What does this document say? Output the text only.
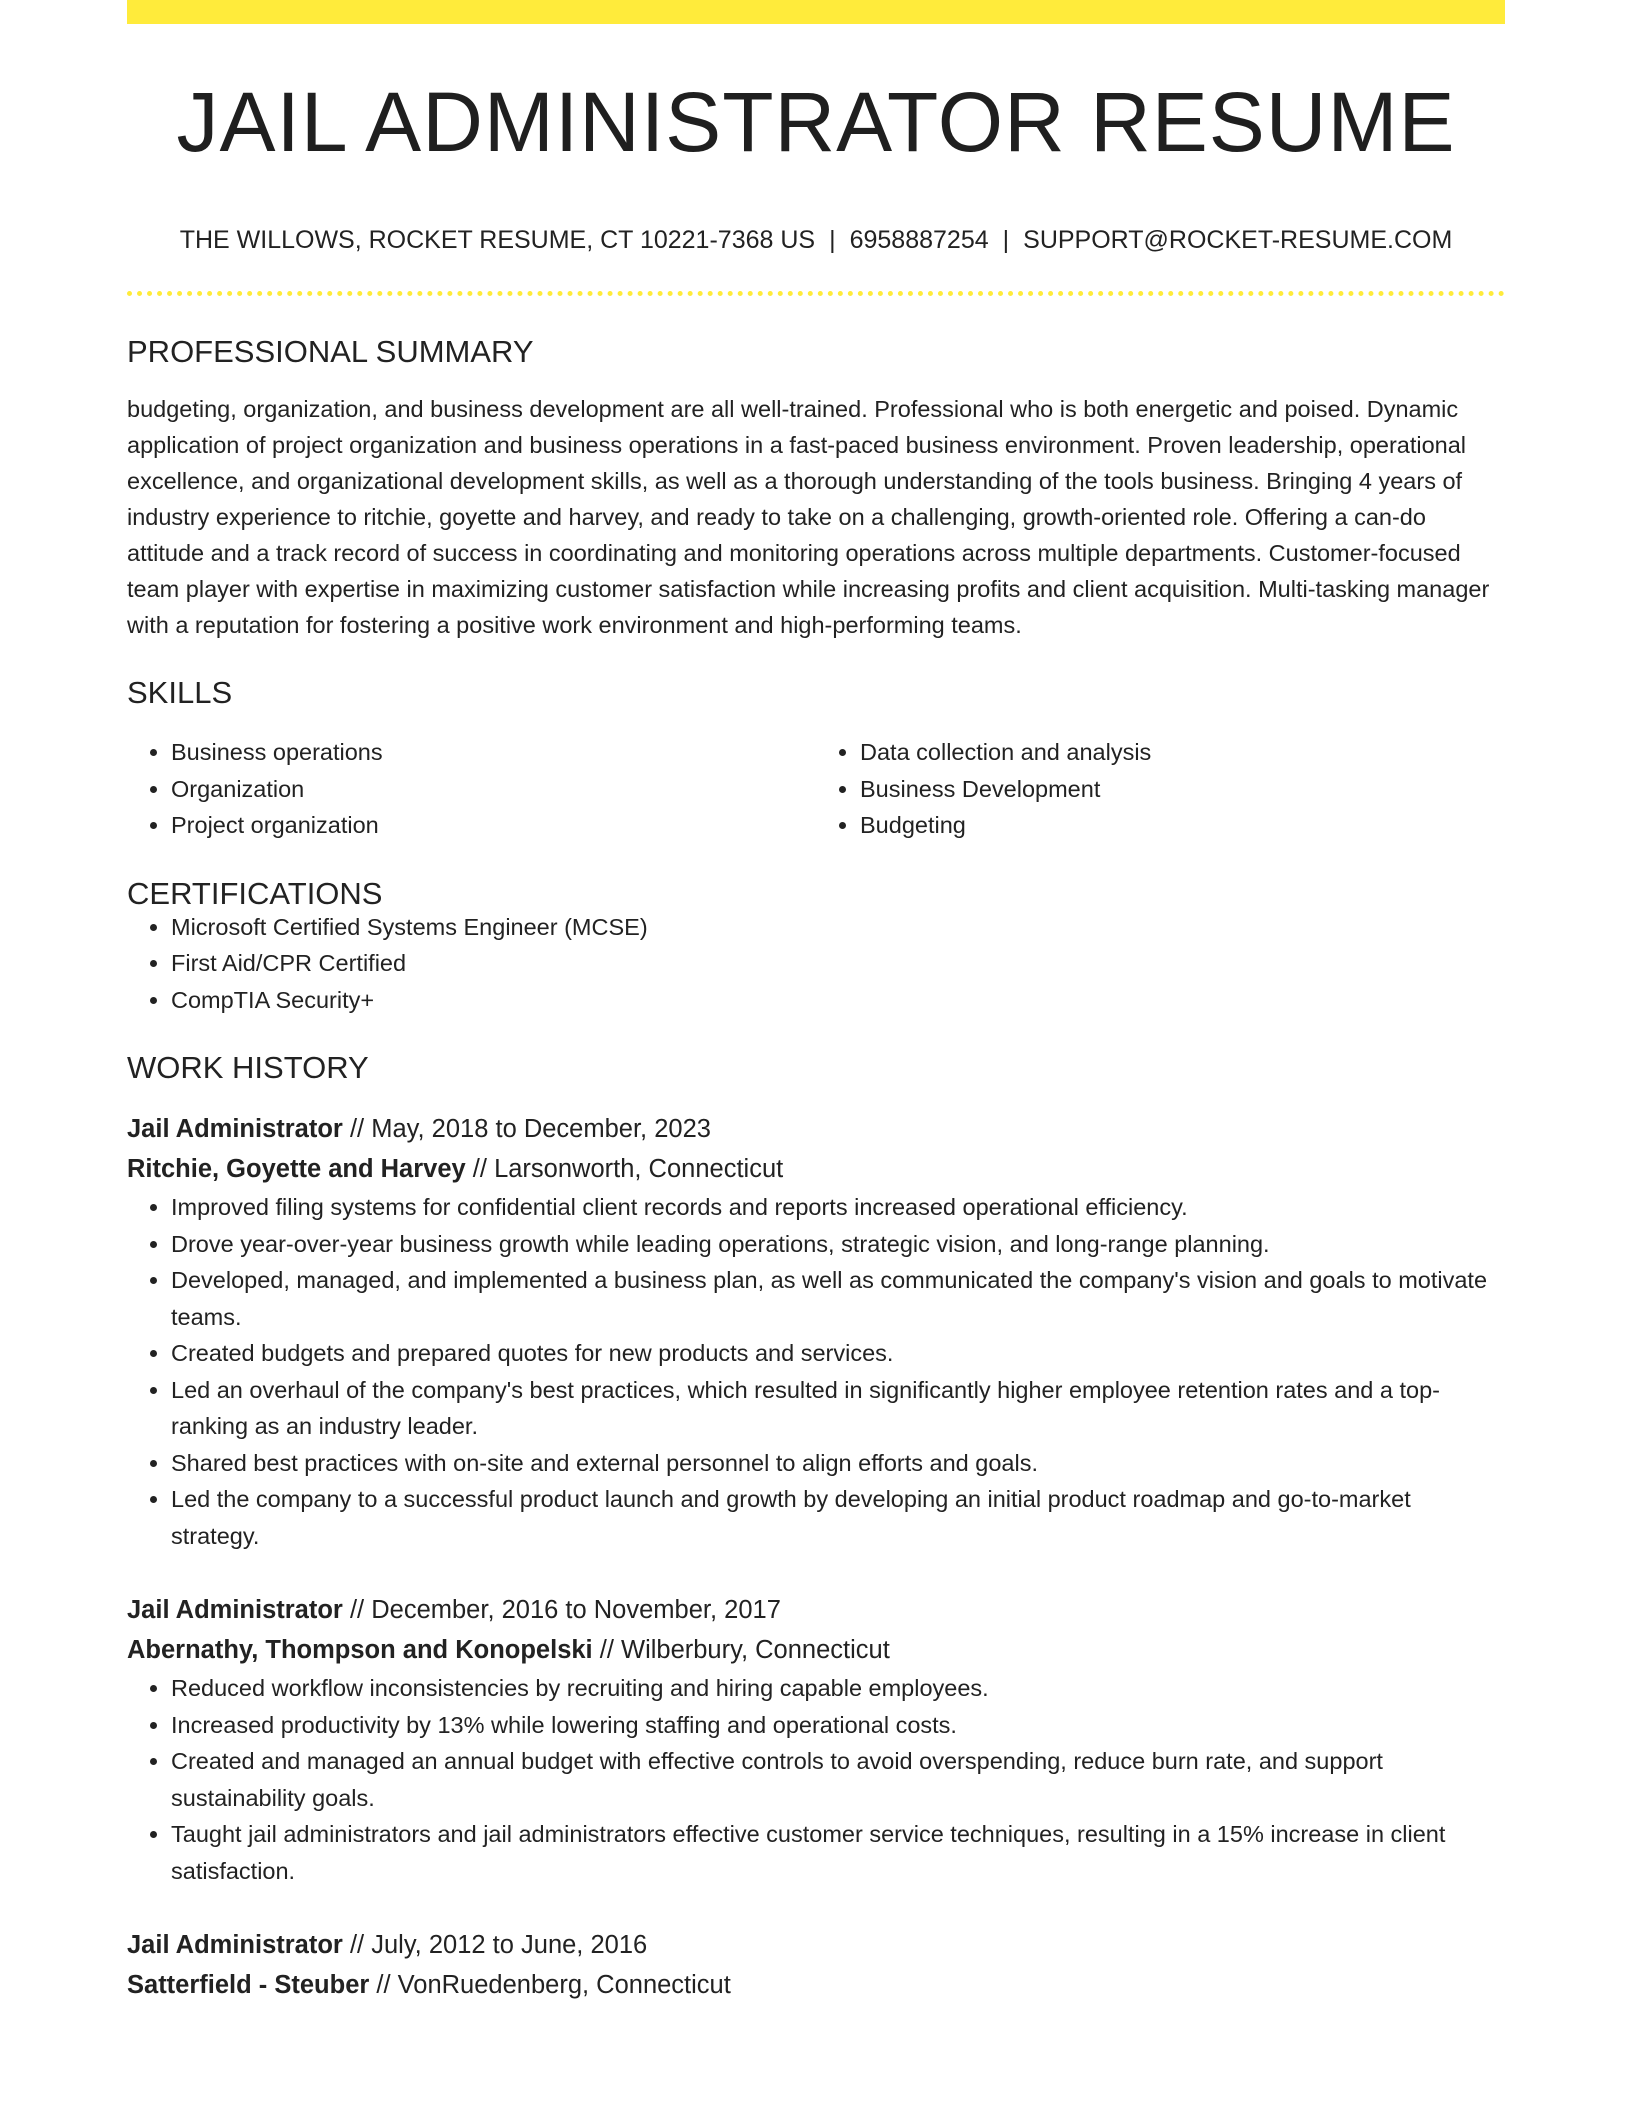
JAIL ADMINISTRATOR RESUME
THE WILLOWS, ROCKET RESUME, CT 10221-7368 US | 6958887254 | SUPPORT@ROCKET-RESUME.COM
PROFESSIONAL SUMMARY

budgeting, organization, and business development are all well-trained. Professional who is both energetic and poised. Dynamic application of project organization and business operations in a fast-paced business environment. Proven leadership, operational excellence, and organizational development skills, as well as a thorough understanding of the tools business. Bringing 4 years of industry experience to ritchie, goyette and harvey, and ready to take on a challenging, growth-oriented role. Offering a can-do attitude and a track record of success in coordinating and monitoring operations across multiple departments. Customer-focused team player with expertise in maximizing customer satisfaction while increasing profits and client acquisition. Multi-tasking manager with a reputation for fostering a positive work environment and high-performing teams.

SKILLS
• Business operations
• Organization
• Project organization
• Data collection and analysis
• Business Development
• Budgeting
CERTIFICATIONS
• Microsoft Certified Systems Engineer (MCSE)
• First Aid/CPR Certified
• CompTIA Security+
WORK HISTORY
Jail Administrator // May, 2018 to December, 2023
Ritchie, Goyette and Harvey // Larsonworth, Connecticut
• Improved filing systems for confidential client records and reports increased operational efficiency.
• Drove year-over-year business growth while leading operations, strategic vision, and long-range planning.
• Developed, managed, and implemented a business plan, as well as communicated the company's vision and goals to motivate teams.
• Created budgets and prepared quotes for new products and services.
• Led an overhaul of the company's best practices, which resulted in significantly higher employee retention rates and a top-ranking as an industry leader.
• Shared best practices with on-site and external personnel to align efforts and goals.
• Led the company to a successful product launch and growth by developing an initial product roadmap and go-to-market strategy.
Jail Administrator // December, 2016 to November, 2017
Abernathy, Thompson and Konopelski // Wilberbury, Connecticut
• Reduced workflow inconsistencies by recruiting and hiring capable employees.
• Increased productivity by 13% while lowering staffing and operational costs.
• Created and managed an annual budget with effective controls to avoid overspending, reduce burn rate, and support sustainability goals.
• Taught jail administrators and jail administrators effective customer service techniques, resulting in a 15% increase in client satisfaction.
Jail Administrator // July, 2012 to June, 2016
Satterfield - Steuber // VonRuedenberg, Connecticut
